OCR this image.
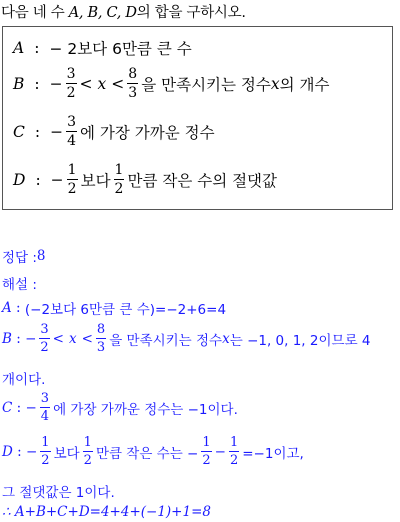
다음 네 수 A, B, C, D의 합을 구하시오.
A : − 2보다 6만큼 큰 수
B : − $\frac{3}{2} < x < \frac{8}{3}$ 을 만족시키는 정수 x 의 개수
C : − $\frac{3}{4}$ 에 가장 가까운 정수
D : − $\frac{1}{2}$ 보다 $\frac{1}{2}$ 만큼 작은 수의 절댓값
정답 : 8
해설 :
A : (−2보다 6만큼 큰 수)=−2+6=4
B : − $\frac{3}{2} < x < \frac{8}{3}$ 을 만족시키는 정수 x 는 −1, 0, 1, 2이므로 4
개이다.
C : − $\frac{3}{4}$ 에 가장 가까운 정수는 −1이다.
D : − $\frac{1}{2}$ 보다 $\frac{1}{2}$ 만큼 작은 수는 − $\frac{1}{2} - \frac{1}{2} =-1$이고,
그 절댓값은 1이다.
∴ A+B+C+D=4+4+(−1)+1=8
